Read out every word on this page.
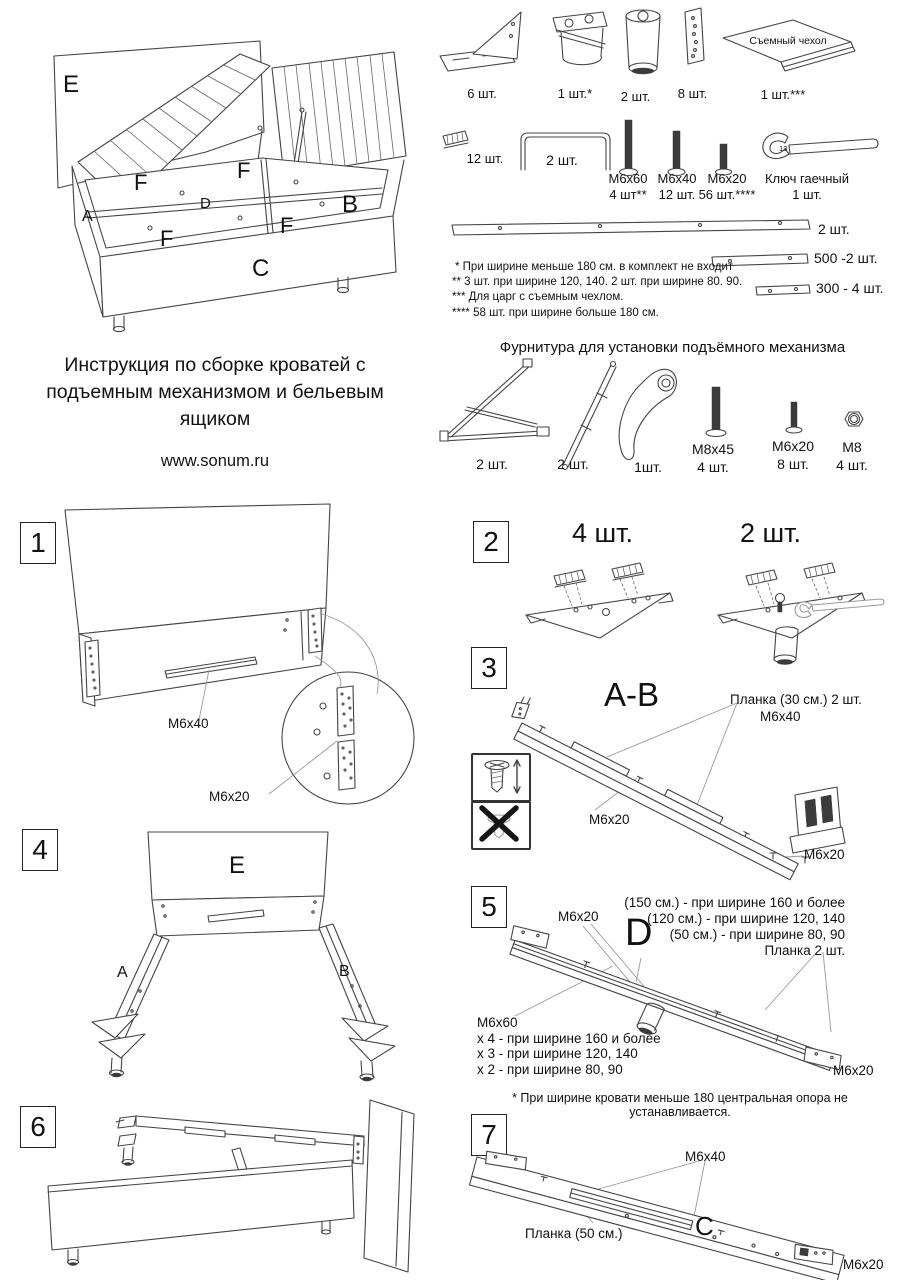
E
F	F
A
D	B
F
F
C
Съемный чехол
13
6 шт.	1 шт.*	2 шт.	8 шт.	1 шт.***
12 шт.	2 шт.
М6х60
4 шт**
М6х40
12 шт.
М6х20
56 шт.****
Ключ гаечный
1 шт.
2 шт.
500 -2 шт.
300 - 4 шт.
* При ширине меньше 180 см. в комплект не входит
** 3 шт. при ширине 120, 140. 2 шт. при ширине 80. 90.
*** Для царг с съемным чехлом.
**** 58 шт. при ширине больше 180 см.
Инструкция по сборке кроватей с подъемным механизмом и бельевым ящиком
www.sonum.ru
Фурнитура для установки подъёмного механизма
2 шт.	2 шт.	1шт.
М8х45
4 шт.
М6х20
8 шт.
М8
4 шт.
1
М6х40
М6х20
2	4 шт.	2 шт.
3
A-B	Планка (30 см.) 2 шт.
М6х40
М6х20
М6х20
4
E
A	B
5	М6х20 D
(150 см.) - при ширине 160 и более
(120 см.) - при ширине 120, 140
(50 см.) - при ширине 80, 90
Планка 2 шт.
М6х60
х 4 - при ширине 160 и более
х 3 - при ширине 120, 140
х 2 - при ширине 80, 90	М6х20
* При ширине кровати меньше 180 центральная опора не устанавливается.
6	7
C
М6х40
Планка (50 см.)
М6х20
